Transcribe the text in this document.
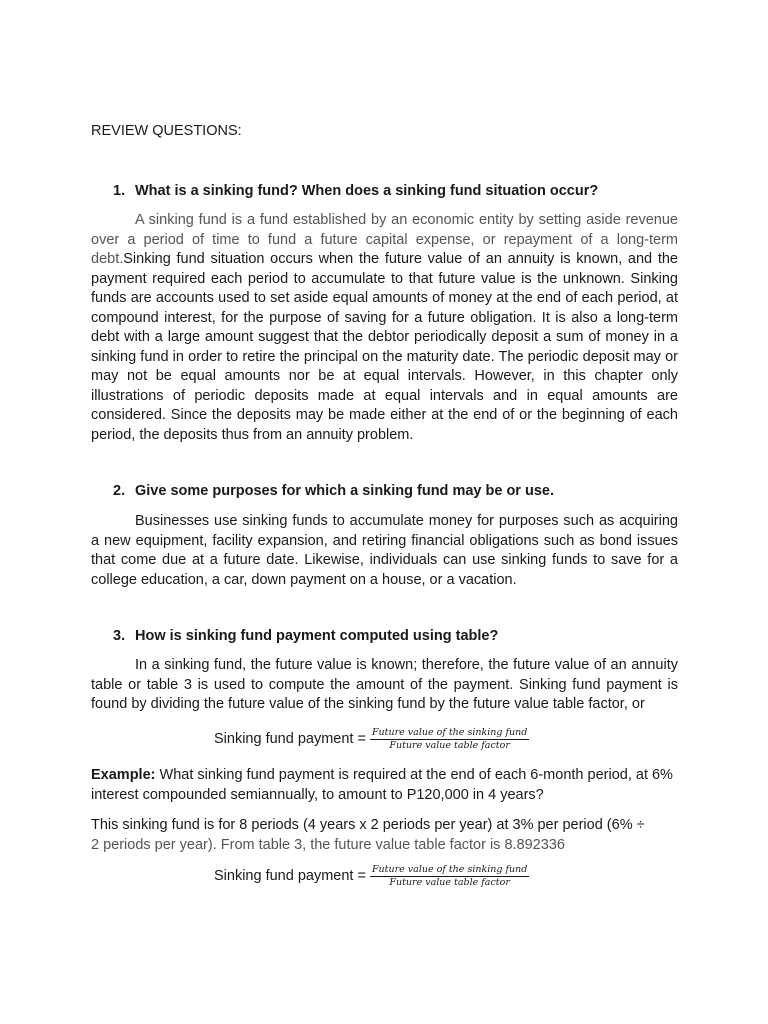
REVIEW QUESTIONS:
1. What is a sinking fund? When does a sinking fund situation occur?
A sinking fund is a fund established by an economic entity by setting aside revenue over a period of time to fund a future capital expense, or repayment of a long-term debt.Sinking fund situation occurs when the future value of an annuity is known, and the payment required each period to accumulate to that future value is the unknown. Sinking funds are accounts used to set aside equal amounts of money at the end of each period, at compound interest, for the purpose of saving for a future obligation. It is also a long-term debt with a large amount suggest that the debtor periodically deposit a sum of money in a sinking fund in order to retire the principal on the maturity date. The periodic deposit may or may not be equal amounts nor be at equal intervals. However, in this chapter only illustrations of periodic deposits made at equal intervals and in equal amounts are considered. Since the deposits may be made either at the end of or the beginning of each period, the deposits thus from an annuity problem.
2. Give some purposes for which a sinking fund may be or use.
Businesses use sinking funds to accumulate money for purposes such as acquiring a new equipment, facility expansion, and retiring financial obligations such as bond issues that come due at a future date. Likewise, individuals can use sinking funds to save for a college education, a car, down payment on a house, or a vacation.
3. How is sinking fund payment computed using table?
In a sinking fund, the future value is known; therefore, the future value of an annuity table or table 3 is used to compute the amount of the payment. Sinking fund payment is found by dividing the future value of the sinking fund by the future value table factor, or
Sinking fund payment = $\frac{\text{Future value of the sinking fund}}{\text{Future value table factor}}$
Example: What sinking fund payment is required at the end of each 6-month period, at 6% interest compounded semiannually, to amount to P120,000 in 4 years?
This sinking fund is for 8 periods (4 years x 2 periods per year) at 3% per period (6% ÷
2 periods per year). From table 3, the future value table factor is 8.892336
Sinking fund payment = $\frac{\text{Future value of the sinking fund}}{\text{Future value table factor}}$
